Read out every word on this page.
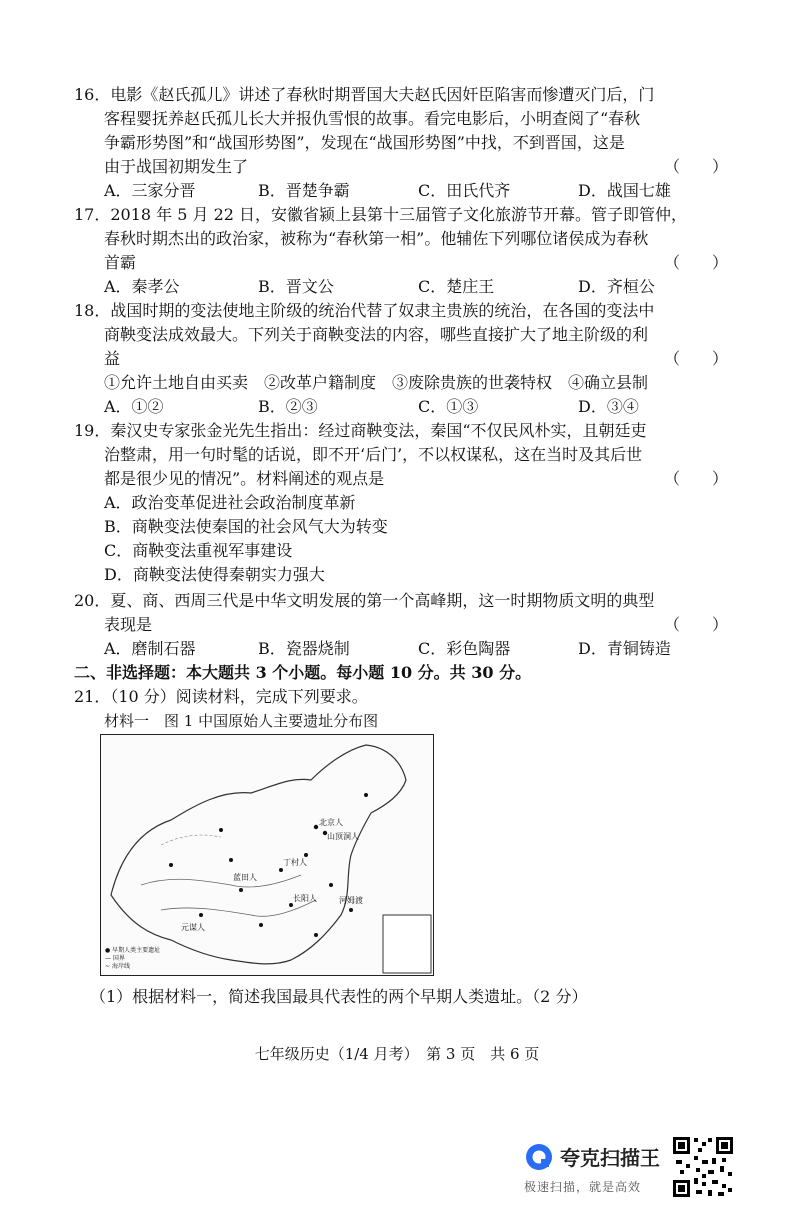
16．电影《赵氏孤儿》讲述了春秋时期晋国大夫赵氏因奸臣陷害而惨遭灭门后，门
客程婴抚养赵氏孤儿长大并报仇雪恨的故事。看完电影后，小明查阅了“春秋
争霸形势图”和“战国形势图”，发现在“战国形势图”中找，不到晋国，这是
由于战国初期发生了	（　　）
A．三家分晋	B．晋楚争霸	C．田氏代齐	D．战国七雄
17．2018 年 5 月 22 日，安徽省颍上县第十三届管子文化旅游节开幕。管子即管仲，
春秋时期杰出的政治家，被称为“春秋第一相”。他辅佐下列哪位诸侯成为春秋
首霸	（　　）
A．秦孝公	B．晋文公	C．楚庄王	D．齐桓公
18．战国时期的变法使地主阶级的统治代替了奴隶主贵族的统治，在各国的变法中
商鞅变法成效最大。下列关于商鞅变法的内容，哪些直接扩大了地主阶级的利
益	（　　）
①允许土地自由买卖　②改革户籍制度　③废除贵族的世袭特权　④确立县制
A．①②	B．②③	C．①③	D．③④
19．秦汉史专家张金光先生指出：经过商鞅变法，秦国“不仅民风朴实，且朝廷吏
治整肃，用一句时髦的话说，即不开‘后门’，不以权谋私，这在当时及其后世
都是很少见的情况”。材料阐述的观点是	（　　）
A．政治变革促进社会政治制度革新
B．商鞅变法使秦国的社会风气大为转变
C．商鞅变法重视军事建设
D．商鞅变法使得秦朝实力强大
20．夏、商、西周三代是中华文明发展的第一个高峰期，这一时期物质文明的典型
表现是	（　　）
A．磨制石器	B．瓷器烧制	C．彩色陶器	D．青铜铸造
二、非选择题：本大题共 3 个小题。每小题 10 分。共 30 分。
21．（10 分）阅读材料，完成下列要求。
材料一　图 1 中国原始人主要遗址分布图
北京人
山顶洞人
丁村人
蓝田人
元谋人
长阳人	河姆渡
● 早期人类主要遗址
— 国界
~ 海岸线
（1）根据材料一，简述我国最具代表性的两个早期人类遗址。（2 分）
七年级历史（1/4 月考）　第 3 页　共 6 页
夸克扫描王
极速扫描，就是高效
